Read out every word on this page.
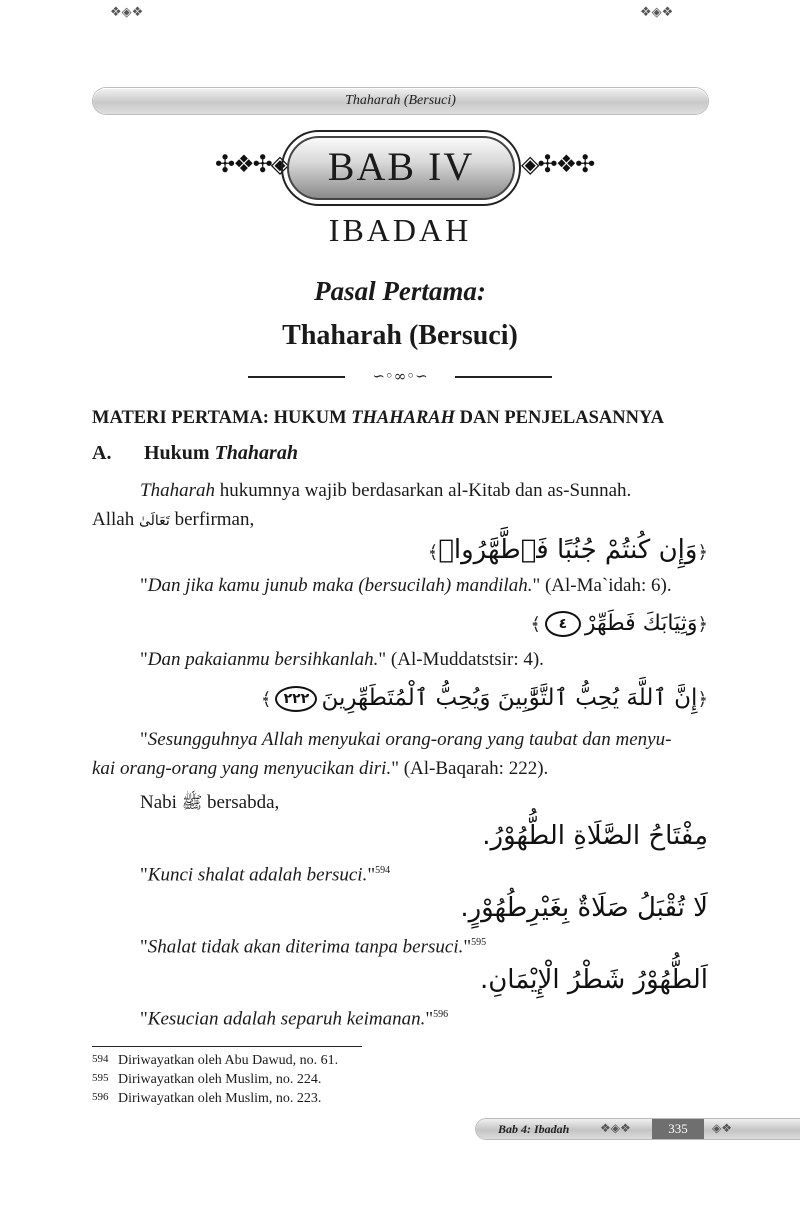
❖◈❖
Thaharah (Bersuci)
❖◈❖
✣❖✣◈	BAB IV	◈✣❖✣
IBADAH
Pasal Pertama:
Thaharah (Bersuci)
∽◦∞◦∽
MATERI PERTAMA: HUKUM THAHARAH DAN PENJELASANNYA
A. Hukum Thaharah
Thaharah hukumnya wajib berdasarkan al-Kitab dan as-Sunnah.
Allah تَعَالَىٰ berfirman,
﴿وَإِن كُنتُمْ جُنُبًا فَٱطَّهَّرُوا۟﴾
"Dan jika kamu junub maka (bersucilah) mandilah." (Al-Ma`idah: 6).
﴿وَثِيَابَكَ فَطَهِّرْ٤﴾
"Dan pakaianmu bersihkanlah." (Al-Muddatstsir: 4).
﴿إِنَّ ٱللَّهَ يُحِبُّ ٱلتَّوَّٰبِينَ وَيُحِبُّ ٱلْمُتَطَهِّرِينَ٢٢٢﴾
"Sesungguhnya Allah menyukai orang-orang yang taubat dan menyu-
kai orang-orang yang menyucikan diri." (Al-Baqarah: 222).
Nabi ﷺ bersabda,
مِفْتَاحُ الصَّلَاةِ الطُّهُوْرُ.
"Kunci shalat adalah bersuci."$^{594}$
لَا تُقْبَلُ صَلَاةٌ بِغَيْرِطُهُوْرٍ.
"Shalat tidak akan diterima tanpa bersuci."$^{595}$
اَلطُّهُوْرُ شَطْرُ الْإِيْمَانِ.
"Kesucian adalah separuh keimanan."$^{596}$
594 Diriwayatkan oleh Abu Dawud, no. 61.
595 Diriwayatkan oleh Muslim, no. 224.
596 Diriwayatkan oleh Muslim, no. 223.
Bab 4: Ibadah	❖◈❖	335	◈❖
